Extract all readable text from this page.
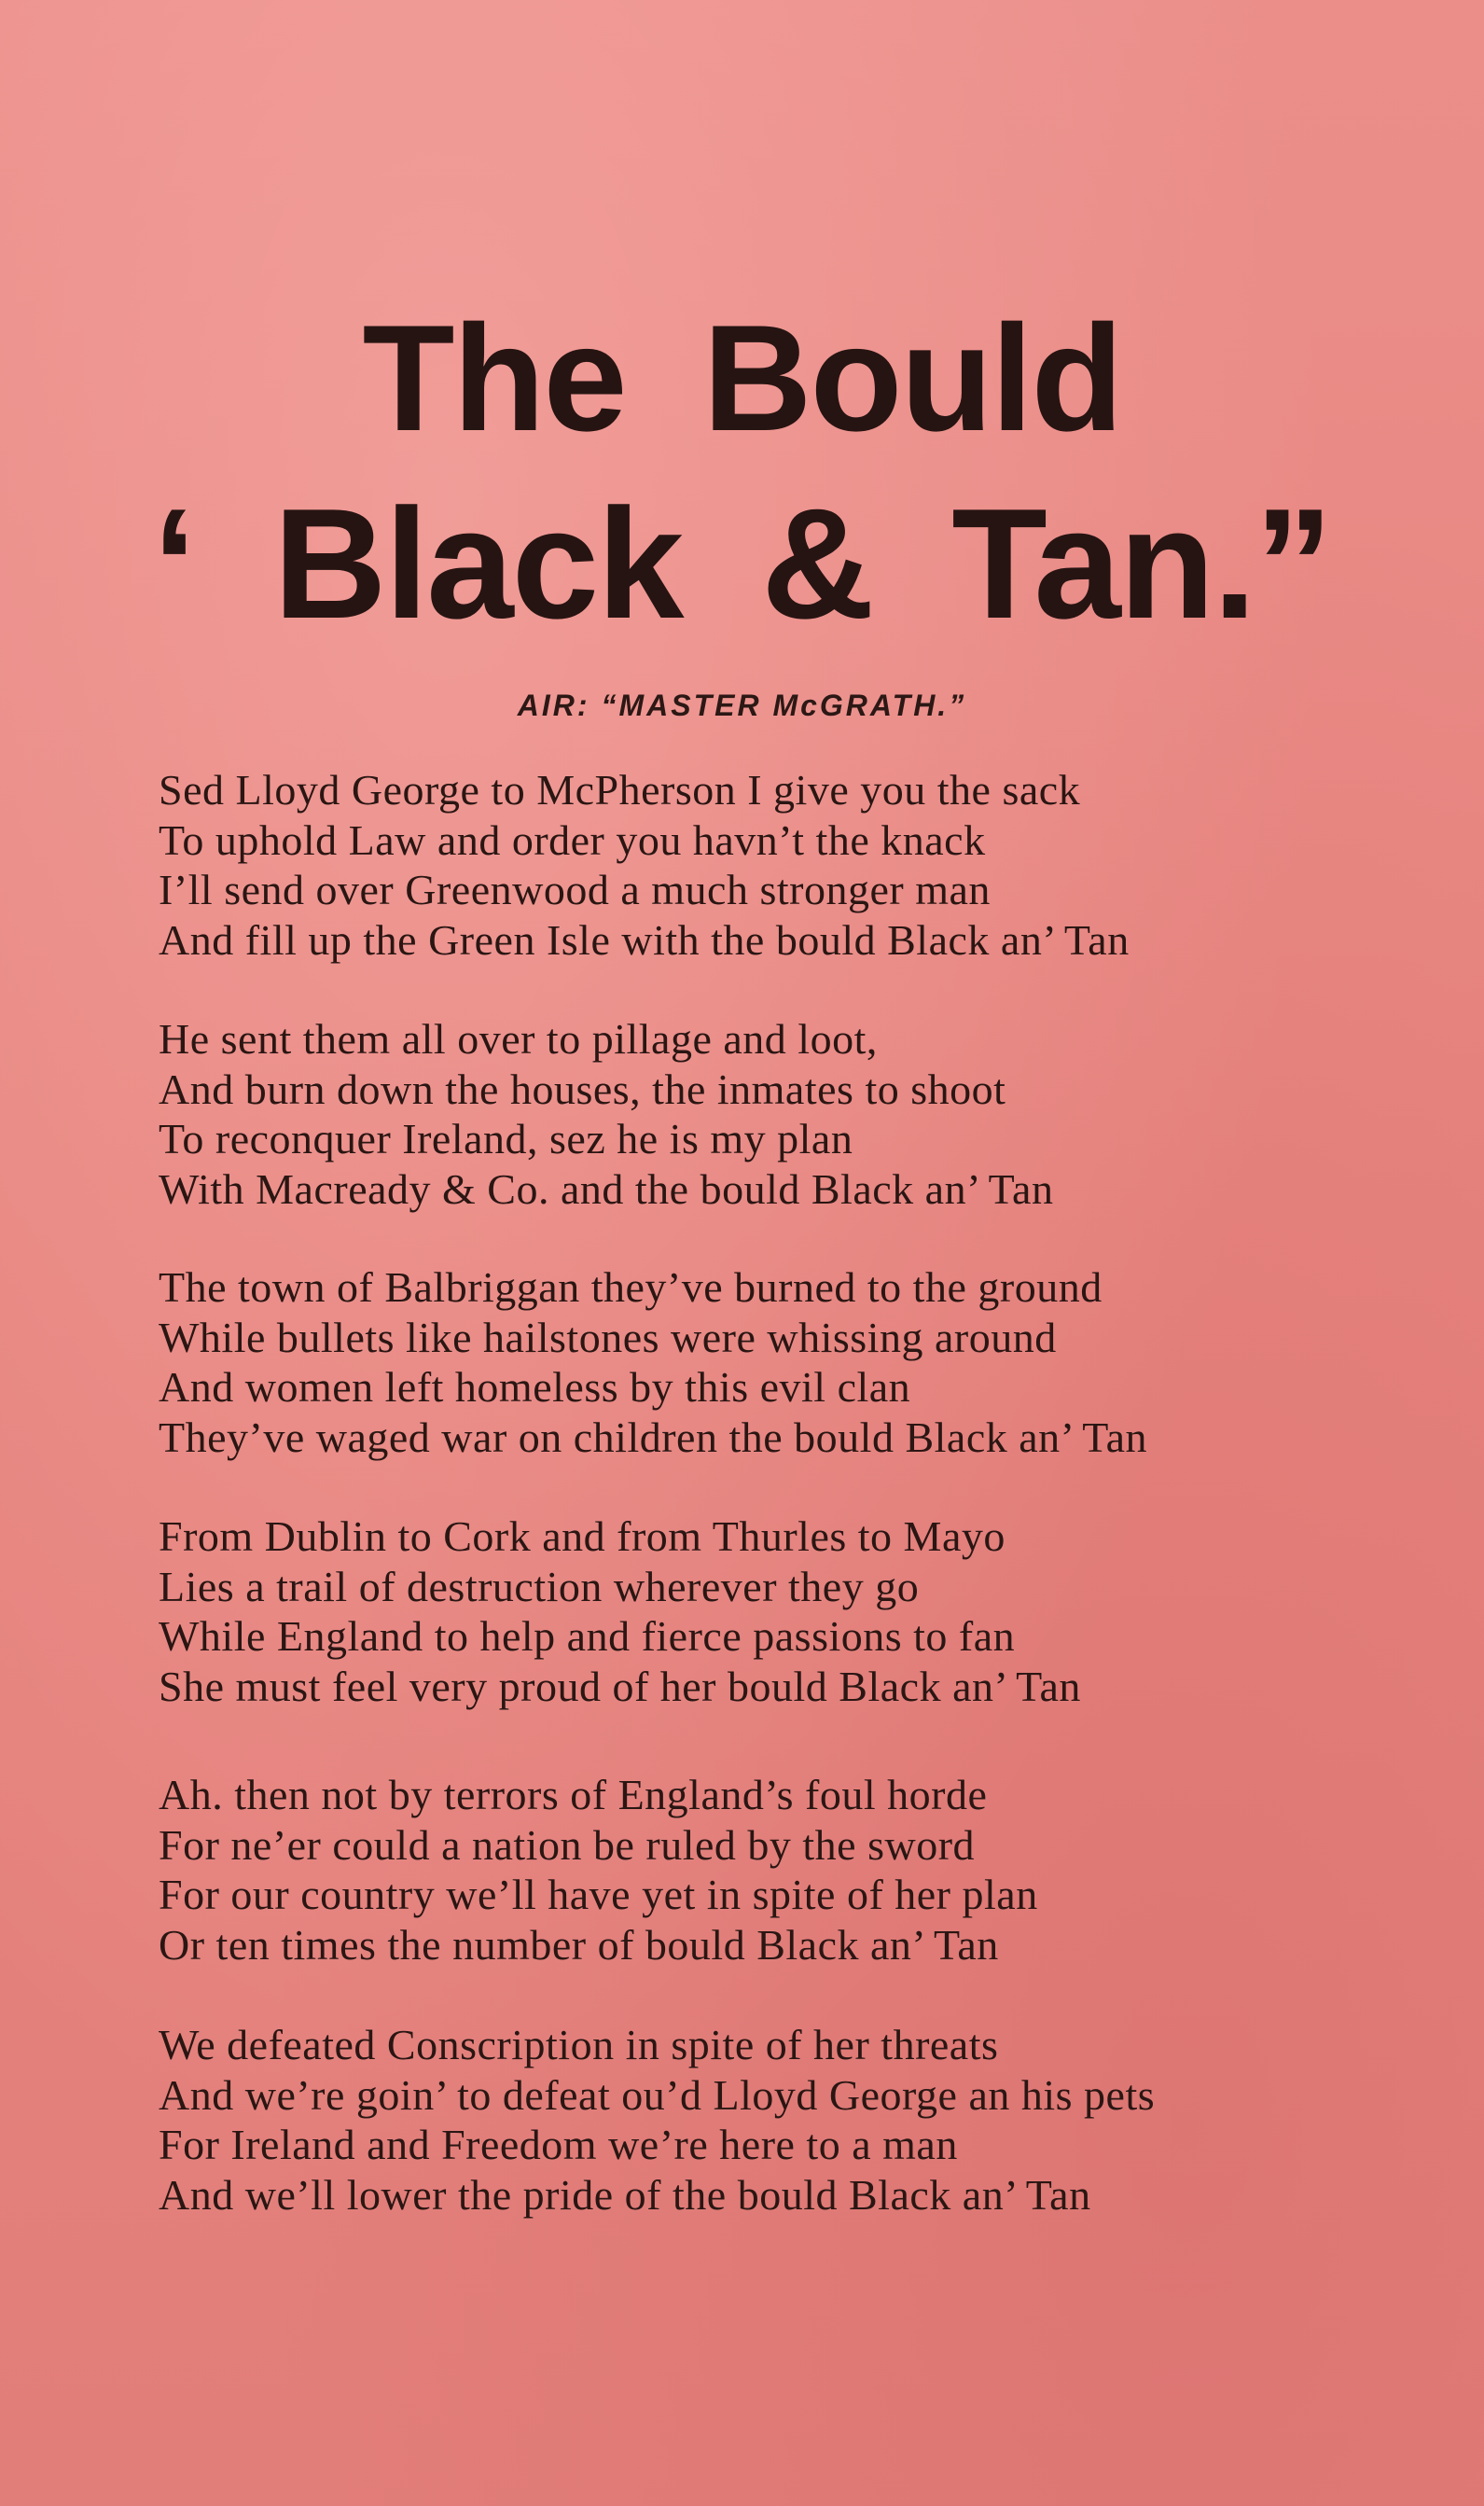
The Bould
‘ Black & Tan.”

AIR: “MASTER McGRATH.”

Sed Lloyd George to McPherson I give you the sack
To uphold Law and order you havn’t the knack
I’ll send over Greenwood a much stronger man
And fill up the Green Isle with the bould Black an’ Tan
He sent them all over to pillage and loot,
And burn down the houses, the inmates to shoot
To reconquer Ireland, sez he is my plan
With Macready & Co. and the bould Black an’ Tan
The town of Balbriggan they’ve burned to the ground
While bullets like hailstones were whissing around
And women left homeless by this evil clan
They’ve waged war on children the bould Black an’ Tan
From Dublin to Cork and from Thurles to Mayo
Lies a trail of destruction wherever they go
While England to help and fierce passions to fan
She must feel very proud of her bould Black an’ Tan
Ah. then not by terrors of England’s foul horde
For ne’er could a nation be ruled by the sword
For our country we’ll have yet in spite of her plan
Or ten times the number of bould Black an’ Tan
We defeated Conscription in spite of her threats
And we’re goin’ to defeat ou’d Lloyd George an his pets
For Ireland and Freedom we’re here to a man
And we’ll lower the pride of the bould Black an’ Tan
